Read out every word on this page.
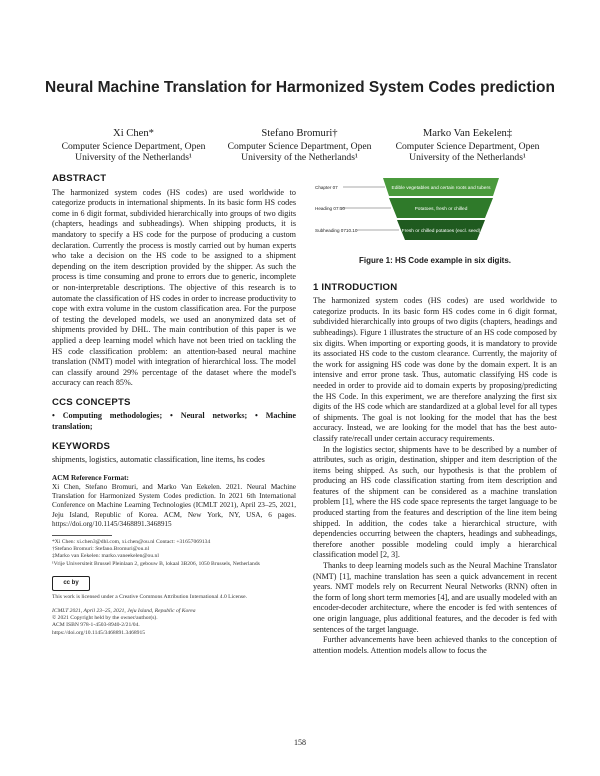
Neural Machine Translation for Harmonized System Codes prediction
Xi Chen*
Computer Science Department, Open University of the Netherlands¹
Stefano Bromuri†
Computer Science Department, Open University of the Netherlands¹
Marko Van Eekelen‡
Computer Science Department, Open University of the Netherlands¹
ABSTRACT

The harmonized system codes (HS codes) are used worldwide to categorize products in international shipments. In its basic form HS codes come in 6 digit format, subdivided hierarchically into groups of two digits (chapters, headings and subheadings). When shipping products, it is mandatory to specify a HS code for the purpose of producing a custom declaration. Currently the process is mostly carried out by human experts who take a decision on the HS code to be assigned to a shipment depending on the item description provided by the shipper. As such the process is time consuming and prone to errors due to generic, incomplete or non-interpretable descriptions. The objective of this research is to automate the classification of HS codes in order to increase productivity to cope with extra volume in the custom classification area. For the purpose of testing the developed models, we used an anonymized data set of shipments provided by DHL. The main contribution of this paper is we applied a deep learning model which have not been tried on tackling the HS code classification problem: an attention-based neural machine translation (NMT) model with integration of hierarchical loss. The model can classify around 29% percentage of the dataset where the model's accuracy can reach 85%.

CCS CONCEPTS

• Computing methodologies; • Neural networks; • Machine translation;

KEYWORDS

shipments, logistics, automatic classification, line items, hs codes

ACM Reference Format:

Xi Chen, Stefano Bromuri, and Marko Van Eekelen. 2021. Neural Machine Translation for Harmonized System Codes prediction. In 2021 6th International Conference on Machine Learning Technologies (ICMLT 2021), April 23–25, 2021, Jeju Island, Republic of Korea. ACM, New York, NY, USA, 6 pages. https://doi.org/10.1145/3468891.3468915

*Xi Chen: xi.chen3@dhl.com, xi.chen@ou.nl Contact: +31657069134
†Stefano Bromuri: Stefano.Bromuri@ou.nl
‡Marko van Eekelen: marko.vaneekelen@ou.nl
¹Vrije Universiteit Brussel Pleinlaan 2, gebouw B, lokaal 3B206, 1050 Brussels, Netherlands
cc by
This work is licensed under a Creative Commons Attribution International 4.0 License.
ICMLT 2021, April 23–25, 2021, Jeju Island, Republic of Korea
© 2021 Copyright held by the owner/author(s).
ACM ISBN 978-1-4503-8940-2/21/04.
https://doi.org/10.1145/3468891.3468915
Chapter 07
Heading 07.10
Subheading 0710.10
Edible vegetables and certain roots and tubers
Potatoes, fresh or chilled
Fresh or chilled potatoes (excl. seed)
Figure 1: HS Code example in six digits.
1 INTRODUCTION

The harmonized system codes (HS codes) are used worldwide to categorize products. In its basic form HS codes come in 6 digit format, subdivided hierarchically into groups of two digits (chapters, headings and subheadings). Figure 1 illustrates the structure of an HS code composed by six digits. When importing or exporting goods, it is mandatory to provide its associated HS code to the custom clearance. Currently, the majority of the work for assigning HS code was done by the domain expert. It is an intensive and error prone task. Thus, automatic classifying HS code is needed in order to provide aid to domain experts by proposing/predicting the HS Code. In this experiment, we are therefore analyzing the first six digits of the HS code which are standardized at a global level for all types of shipments. The goal is not looking for the model that has the best accuracy. Instead, we are looking for the model that has the best auto-classify rate/recall under certain accuracy requirements.

In the logistics sector, shipments have to be described by a number of attributes, such as origin, destination, shipper and item description of the items being shipped. As such, our hypothesis is that the problem of producing an HS code classification starting from item description and features of the shipment can be considered as a machine translation problem [1], where the HS code space represents the target language to be produced starting from the features and description of the line item being shipped. In addition, the codes take a hierarchical structure, with dependencies occurring between the chapters, headings and subheadings, therefore another possible modeling could imply a hierarchical classification model [2, 3].

Thanks to deep learning models such as the Neural Machine Translator (NMT) [1], machine translation has seen a quick advancement in recent years. NMT models rely on Recurrent Neural Networks (RNN) often in the form of long short term memories [4], and are usually modeled with an encoder-decoder architecture, where the encoder is fed with sentences of one origin language, plus additional features, and the decoder is fed with sentences of the target language.

Further advancements have been achieved thanks to the conception of attention models. Attention models allow to focus the

158
